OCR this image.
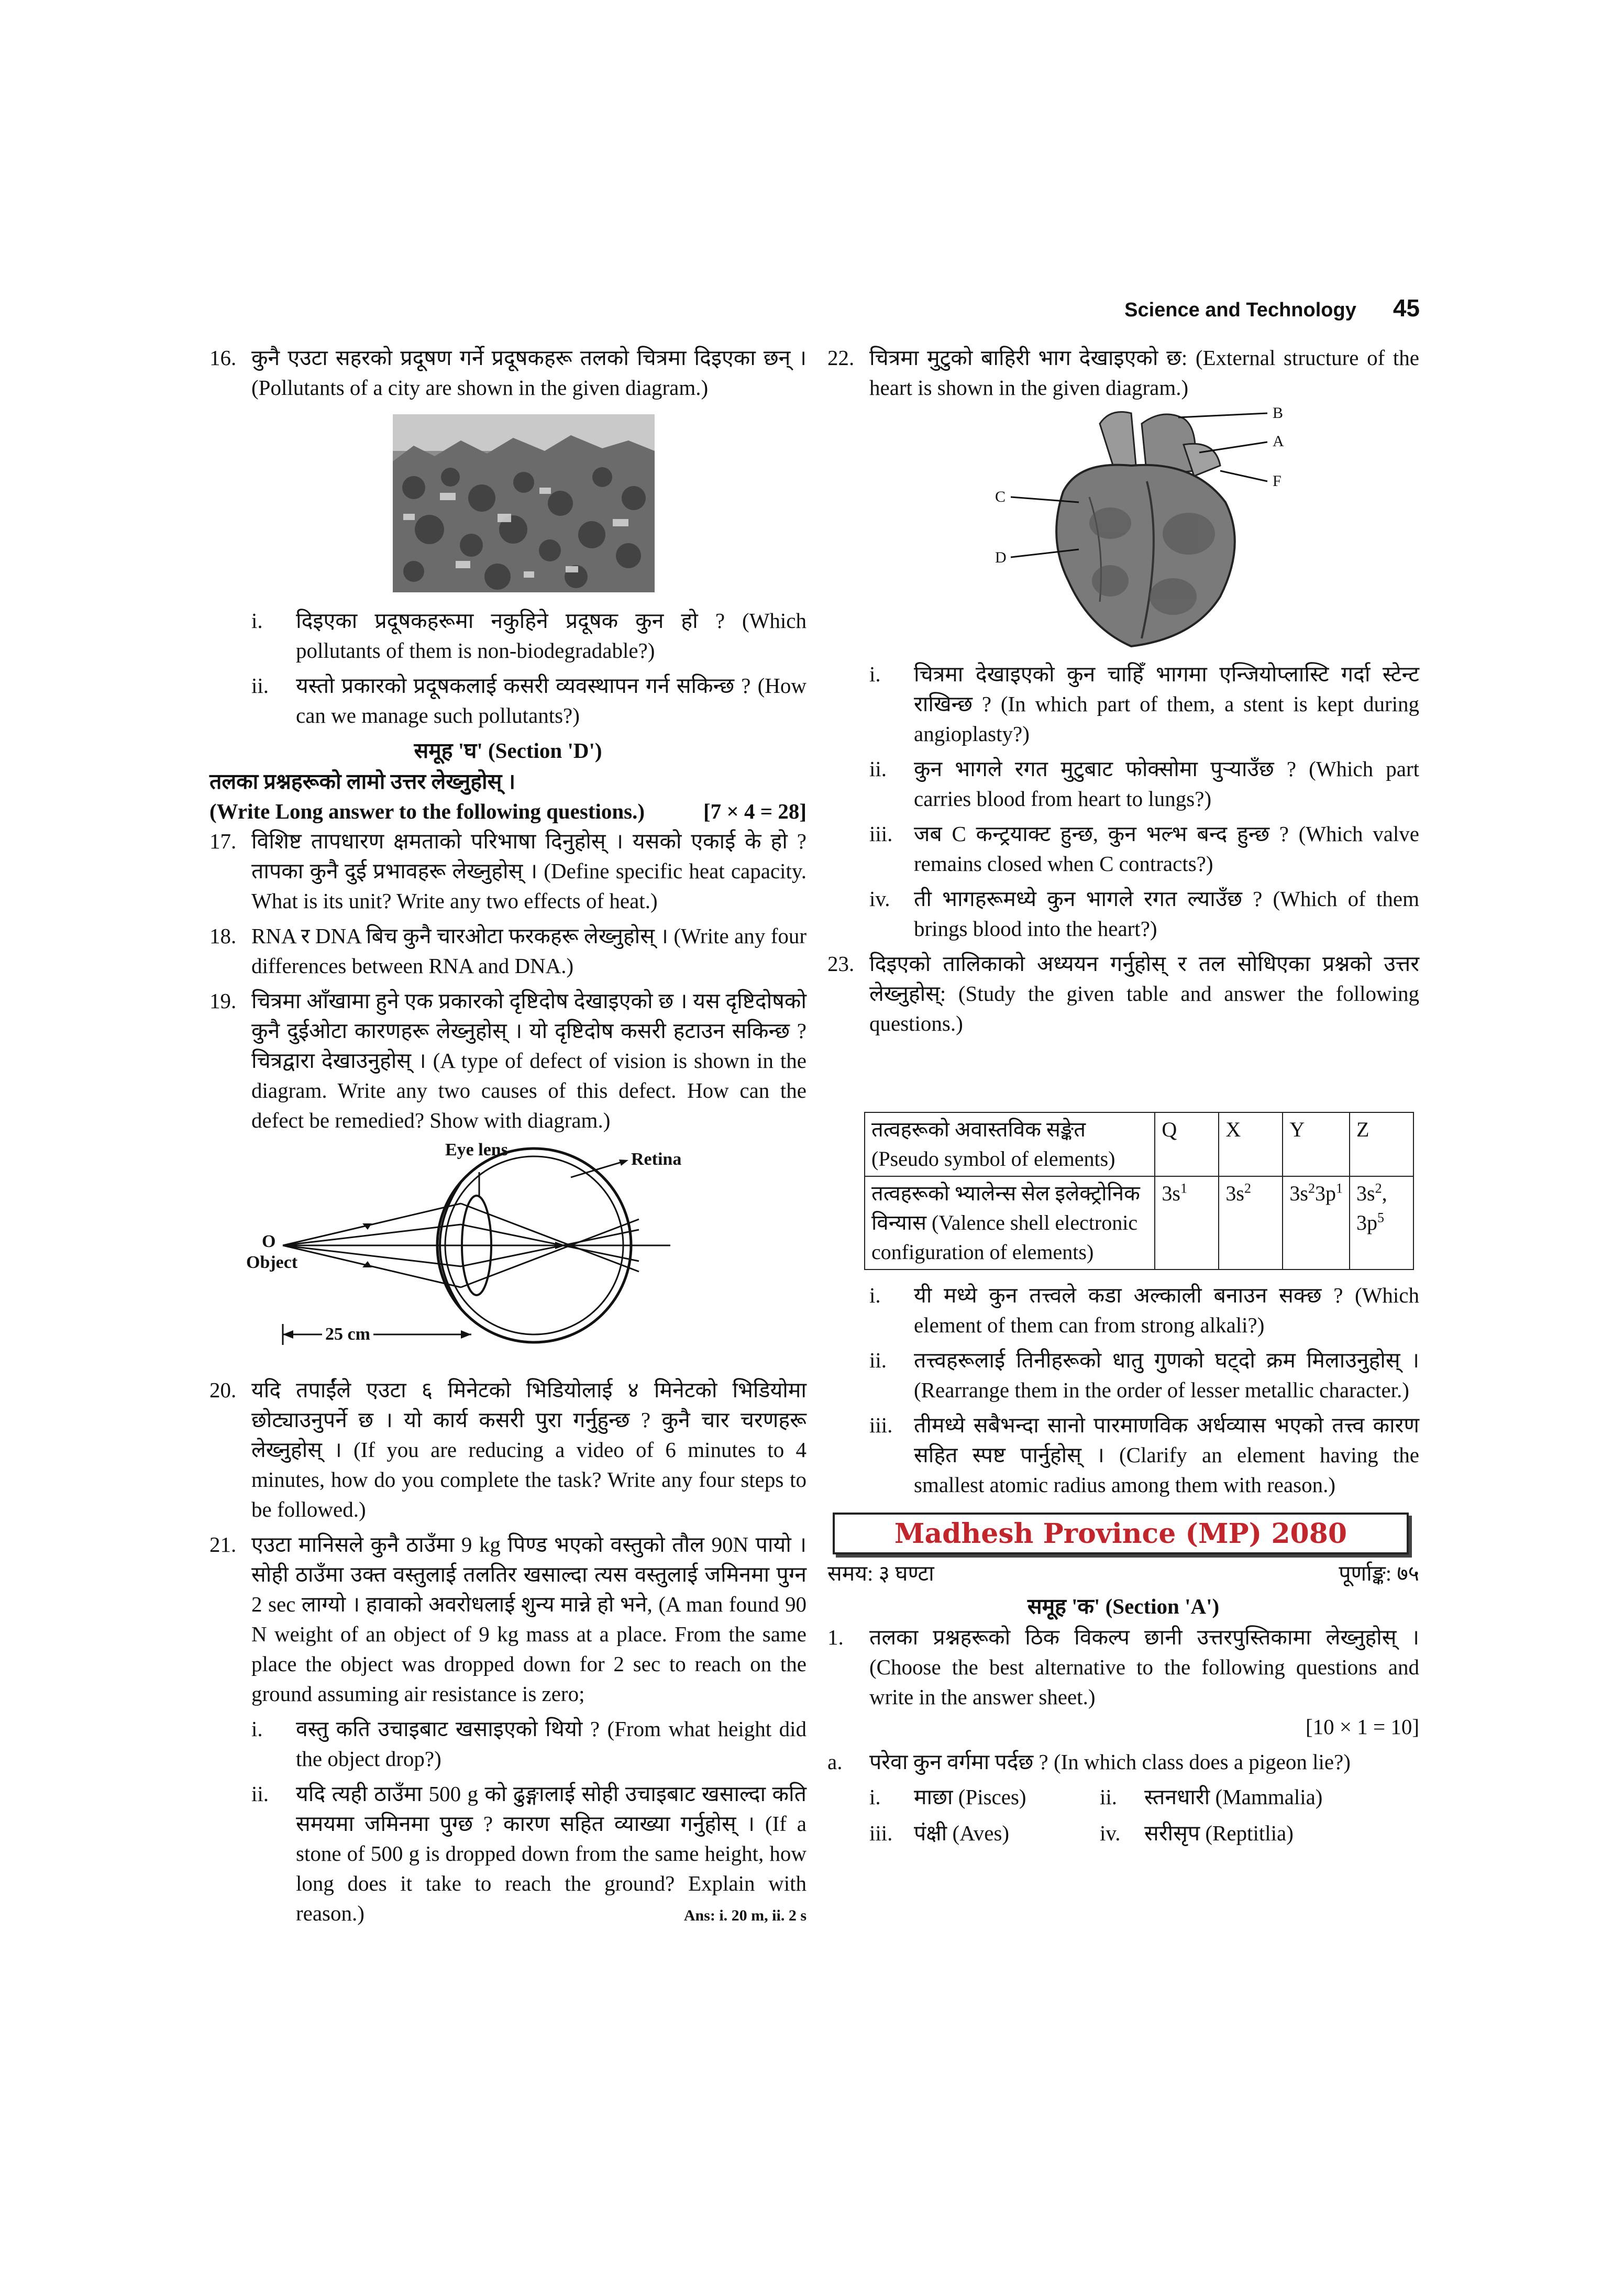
Science and Technology 45
16. कुनै एउटा सहरको प्रदूषण गर्ने प्रदूषकहरू तलको चित्रमा दिइएका छन् । (Pollutants of a city are shown in the given diagram.)
i. दिइएका प्रदूषकहरूमा नकुहिने प्रदूषक कुन हो ? (Which pollutants of them is non-biodegradable?)
ii. यस्तो प्रकारको प्रदूषकलाई कसरी व्यवस्थापन गर्न सकिन्छ ? (How can we manage such pollutants?)
समूह 'घ' (Section 'D')
तलका प्रश्नहरूको लामो उत्तर लेख्नुहोस् ।
(Write Long answer to the following questions.)	[7 × 4 = 28]
17. विशिष्ट तापधारण क्षमताको परिभाषा दिनुहोस् । यसको एकाई के हो ? तापका कुनै दुई प्रभावहरू लेख्नुहोस् । (Define specific heat capacity. What is its unit? Write any two effects of heat.)
18. RNA र DNA बिच कुनै चारओटा फरकहरू लेख्नुहोस् । (Write any four differences between RNA and DNA.)
19. चित्रमा आँखामा हुने एक प्रकारको दृष्टिदोष देखाइएको छ । यस दृष्टिदोषको कुनै दुईओटा कारणहरू लेख्नुहोस् । यो दृष्टिदोष कसरी हटाउन सकिन्छ ? चित्रद्वारा देखाउनुहोस् । (A type of defect of vision is shown in the diagram. Write any two causes of this defect. How can the defect be remedied? Show with diagram.)
Eye lens	Retina
O
Object
25 cm
20. यदि तपाईंले एउटा ६ मिनेटको भिडियोलाई ४ मिनेटको भिडियोमा छोट्याउनुपर्ने छ । यो कार्य कसरी पुरा गर्नुहुन्छ ? कुनै चार चरणहरू लेख्नुहोस् । (If you are reducing a video of 6 minutes to 4 minutes, how do you complete the task? Write any four steps to be followed.)
21. एउटा मानिसले कुनै ठाउँमा 9 kg पिण्ड भएको वस्तुको तौल 90N पायो । सोही ठाउँमा उक्त वस्तुलाई तलतिर खसाल्दा त्यस वस्तुलाई जमिनमा पुग्न 2 sec लाग्यो । हावाको अवरोधलाई शुन्य मान्ने हो भने, (A man found 90 N weight of an object of 9 kg mass at a place. From the same place the object was dropped down for 2 sec to reach on the ground assuming air resistance is zero;
i. वस्तु कति उचाइबाट खसाइएको थियो ? (From what height did the object drop?)
ii. यदि त्यही ठाउँमा 500 g को ढुङ्गालाई सोही उचाइबाट खसाल्दा कति समयमा जमिनमा पुग्छ ? कारण सहित व्याख्या गर्नुहोस् । (If a stone of 500 g is dropped down from the same height, how long does it take to reach the ground? Explain with reason.)	Ans: i. 20 m, ii. 2 s
22. चित्रमा मुटुको बाहिरी भाग देखाइएको छ: (External structure of the heart is shown in the given diagram.)
B
A
F
C
D
i. चित्रमा देखाइएको कुन चाहिँ भागमा एन्जियोप्लास्टि गर्दा स्टेन्ट राखिन्छ ? (In which part of them, a stent is kept during angioplasty?)
ii. कुन भागले रगत मुटुबाट फोक्सोमा पुऱ्याउँछ ? (Which part carries blood from heart to lungs?)
iii. जब C कन्ट्रयाक्ट हुन्छ, कुन भल्भ बन्द हुन्छ ? (Which valve remains closed when C contracts?)
iv. ती भागहरूमध्ये कुन भागले रगत ल्याउँछ ? (Which of them brings blood into the heart?)
23. दिइएको तालिकाको अध्ययन गर्नुहोस् र तल सोधिएका प्रश्नको उत्तर लेख्नुहोस्: (Study the given table and answer the following questions.)
तत्वहरूको अवास्तविक सङ्केत (Pseudo symbol of elements)	Q	X	Y	Z
तत्वहरूको भ्यालेन्स सेल इलेक्ट्रोनिक विन्यास (Valence shell electronic configuration of elements)	$3s^1$	$3s^2$	$3s^23p^1$	$3s^2$,
$3p^5$
i. यी मध्ये कुन तत्त्वले कडा अल्काली बनाउन सक्छ ? (Which element of them can from strong alkali?)
ii. तत्त्वहरूलाई तिनीहरूको धातु गुणको घट्दो क्रम मिलाउनुहोस् । (Rearrange them in the order of lesser metallic character.)
iii. तीमध्ये सबैभन्दा सानो पारमाणविक अर्धव्यास भएको तत्त्व कारण सहित स्पष्ट पार्नुहोस् । (Clarify an element having the smallest atomic radius among them with reason.)
Madhesh Province (MP) 2080
समय: ३ घण्टा	पूर्णाङ्क: ७५
समूह 'क' (Section 'A')
1. तलका प्रश्नहरूको ठिक विकल्प छानी उत्तरपुस्तिकामा लेख्नुहोस् । (Choose the best alternative to the following questions and write in the answer sheet.)
[10 × 1 = 10]
a. परेवा कुन वर्गमा पर्दछ ? (In which class does a pigeon lie?)
i. माछा (Pisces)	ii. स्तनधारी (Mammalia)
iii. पंक्षी (Aves)	iv. सरीसृप (Reptitlia)
